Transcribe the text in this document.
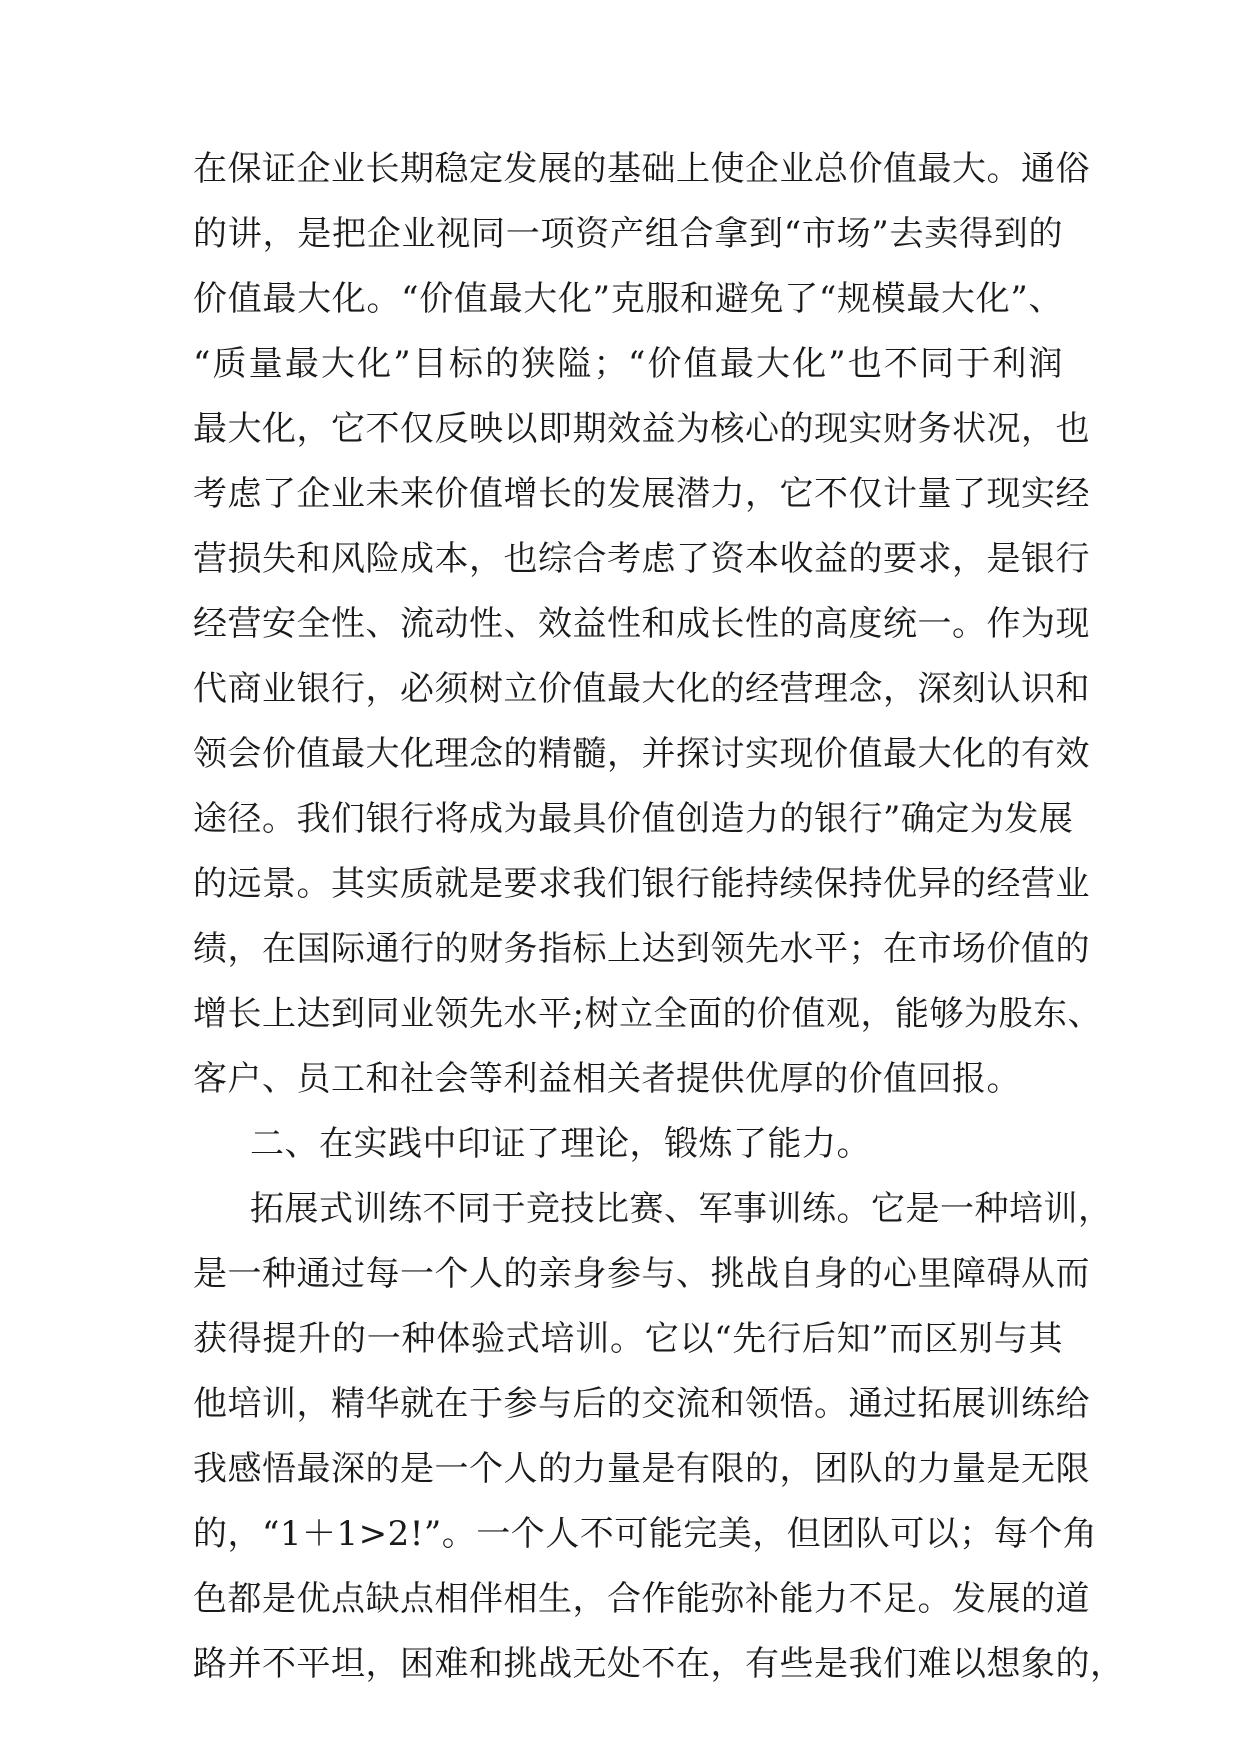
在保证企业长期稳定发展的基础上使企业总价值最大。通俗
的讲，是把企业视同一项资产组合拿到“市场”去卖得到的
价值最大化。“价值最大化”克服和避免了“规模最大化”、
“质量最大化”目标的狭隘；“价值最大化”也不同于利润
最大化，它不仅反映以即期效益为核心的现实财务状况，也
考虑了企业未来价值增长的发展潜力，它不仅计量了现实经
营损失和风险成本，也综合考虑了资本收益的要求，是银行
经营安全性、流动性、效益性和成长性的高度统一。作为现
代商业银行，必须树立价值最大化的经营理念，深刻认识和
领会价值最大化理念的精髓，并探讨实现价值最大化的有效
途径。我们银行将成为最具价值创造力的银行”确定为发展
的远景。其实质就是要求我们银行能持续保持优异的经营业
绩，在国际通行的财务指标上达到领先水平；在市场价值的
增长上达到同业领先水平;树立全面的价值观，能够为股东、
客户、员工和社会等利益相关者提供优厚的价值回报。
二、在实践中印证了理论，锻炼了能力。
拓展式训练不同于竞技比赛、军事训练。它是一种培训，
是一种通过每一个人的亲身参与、挑战自身的心里障碍从而
获得提升的一种体验式培训。它以“先行后知”而区别与其
他培训，精华就在于参与后的交流和领悟。通过拓展训练给
我感悟最深的是一个人的力量是有限的，团队的力量是无限
的，“1＋1>2!”。一个人不可能完美，但团队可以；每个角
色都是优点缺点相伴相生，合作能弥补能力不足。发展的道
路并不平坦，困难和挑战无处不在，有些是我们难以想象的，
